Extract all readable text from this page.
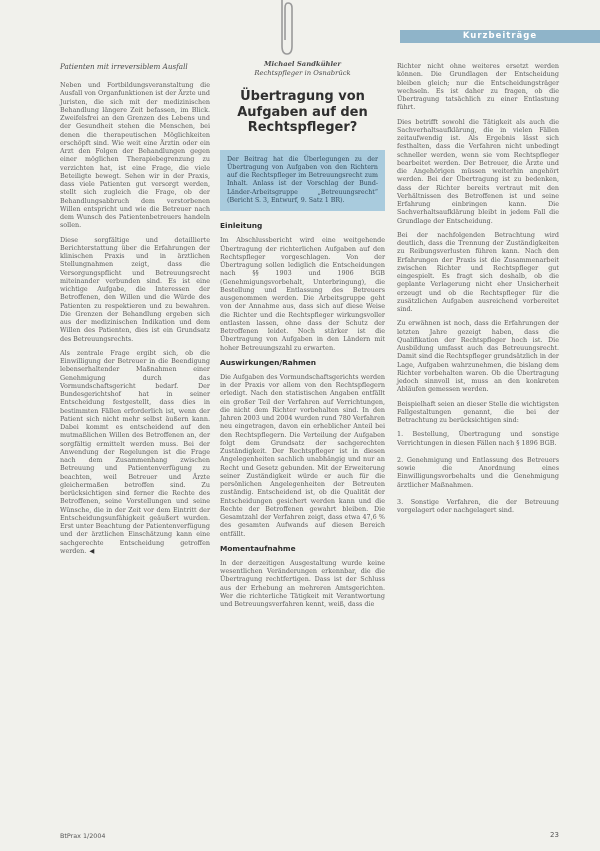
Kurzbeiträge
Patienten mit irreversiblem Ausfall

Neben und Fortbildungsveranstaltung die Ausfall von Organfunktionen ist der Ärzte und Juristen, die sich mit der medizinischen Behandlung längere Zeit befassen, im Blick. Zweifelsfrei an den Grenzen des Lebens und der Gesundheit stehen die Menschen, bei denen die therapeutischen Möglichkeiten erschöpft sind. Wie weit eine Ärztin oder ein Arzt den Folgen der Behandlungen gegen einer möglichen Therapiebegrenzung zu verzichten hat, ist eine Frage, die viele Beteiligte bewegt. Sehen wir in der Praxis, dass viele Patienten gut versorgt werden, stellt sich zugleich die Frage, ob der Behandlungsabbruch dem verstorbenen Willen entspricht und wie die Betreuer nach dem Wunsch des Patientenbetreuers handeln sollen.

Diese sorgfältige und detaillierte Berichterstattung über die Erfahrungen der klinischen Praxis und in ärztlichen Stellungnahmen zeigt, dass die Versorgungspflicht und Betreuungsrecht miteinander verbunden sind. Es ist eine wichtige Aufgabe, die Interessen der Betroffenen, den Willen und die Würde des Patienten zu respektieren und zu bewahren. Die Grenzen der Behandlung ergeben sich aus der medizinischen Indikation und dem Willen des Patienten, dies ist ein Grundsatz des Betreuungsrechts.

Als zentrale Frage ergibt sich, ob die Einwilligung der Betreuer in die Beendigung lebenserhaltender Maßnahmen einer Genehmigung durch das Vormundschaftsgericht bedarf. Der Bundesgerichtshof hat in seiner Entscheidung festgestellt, dass dies in bestimmten Fällen erforderlich ist, wenn der Patient sich nicht mehr selbst äußern kann. Dabei kommt es entscheidend auf den mutmaßlichen Willen des Betroffenen an, der sorgfältig ermittelt werden muss. Bei der Anwendung der Regelungen ist die Frage nach dem Zusammenhang zwischen Betreuung und Patientenverfügung zu beachten, weil Betreuer und Ärzte gleichermaßen betroffen sind. Zu berücksichtigen sind ferner die Rechte des Betroffenen, seine Vorstellungen und seine Wünsche, die in der Zeit vor dem Eintritt der Entscheidungsunfähigkeit geäußert wurden. Erst unter Beachtung der Patientenverfügung und der ärztlichen Einschätzung kann eine sachgerechte Entscheidung getroffen werden. ◀

Michael Sandkühler
Rechtspfleger in Osnabrück
Übertragung von Aufgaben auf den Rechtspfleger?
Der Beitrag hat die Überlegungen zu der Übertragung von Aufgaben von den Richtern auf die Rechtspfleger im Betreuungsrecht zum Inhalt. Anlass ist der Vorschlag der Bund-Länder-Arbeitsgruppe „Betreuungsrecht“ (Bericht S. 3, Entwurf, 9. Satz 1 BR).
Einleitung

Im Abschlussbericht wird eine weitgehende Übertragung der richterlichen Aufgaben auf den Rechtspfleger vorgeschlagen. Von der Übertragung sollen lediglich die Entscheidungen nach §§ 1903 und 1906 BGB (Genehmigungsvorbehalt, Unterbringung), die Bestellung und Entlassung des Betreuers ausgenommen werden. Die Arbeitsgruppe geht von der Annahme aus, dass sich auf diese Weise die Richter und die Rechtspfleger wirkungsvoller entlasten lassen, ohne dass der Schutz der Betroffenen leidet. Noch stärker ist die Übertragung von Aufgaben in den Ländern mit hoher Betreuungszahl zu erwarten.

Auswirkungen/Rahmen

Die Aufgaben des Vormundschaftsgerichts werden in der Praxis vor allem von den Rechtspflegern erledigt. Nach den statistischen Angaben entfällt ein großer Teil der Verfahren auf Verrichtungen, die nicht dem Richter vorbehalten sind. In den Jahren 2003 und 2004 wurden rund 780 Verfahren neu eingetragen, davon ein erheblicher Anteil bei den Rechtspflegern. Die Verteilung der Aufgaben folgt dem Grundsatz der sachgerechten Zuständigkeit. Der Rechtspfleger ist in diesen Angelegenheiten sachlich unabhängig und nur an Recht und Gesetz gebunden. Mit der Erweiterung seiner Zuständigkeit würde er auch für die persönlichen Angelegenheiten der Betreuten zuständig. Entscheidend ist, ob die Qualität der Entscheidungen gesichert werden kann und die Rechte der Betroffenen gewahrt bleiben. Die Gesamtzahl der Verfahren zeigt, dass etwa 47,6 % des gesamten Aufwands auf diesen Bereich entfällt.

Momentaufnahme

In der derzeitigen Ausgestaltung wurde keine wesentlichen Veränderungen erkennbar, die die Übertragung rechtfertigen. Dass ist der Schluss aus der Erhebung an mehreren Amtsgerichten. Wer die richterliche Tätigkeit mit Verantwortung und Betreuungsverfahren kennt, weiß, dass die

Richter nicht ohne weiteres ersetzt werden können. Die Grundlagen der Entscheidung bleiben gleich; nur die Entscheidungsträger wechseln. Es ist daher zu fragen, ob die Übertragung tatsächlich zu einer Entlastung führt.

Dies betrifft sowohl die Tätigkeit als auch die Sachverhaltsaufklärung, die in vielen Fällen zeitaufwendig ist. Als Ergebnis lässt sich festhalten, dass die Verfahren nicht unbedingt schneller werden, wenn sie vom Rechtspfleger bearbeitet werden. Der Betreuer, die Ärzte und die Angehörigen müssen weiterhin angehört werden. Bei der Übertragung ist zu bedenken, dass der Richter bereits vertraut mit den Verhältnissen des Betroffenen ist und seine Erfahrung einbringen kann. Die Sachverhaltsaufklärung bleibt in jedem Fall die Grundlage der Entscheidung.

Bei der nachfolgenden Betrachtung wird deutlich, dass die Trennung der Zuständigkeiten zu Reibungsverlusten führen kann. Nach den Erfahrungen der Praxis ist die Zusammenarbeit zwischen Richter und Rechtspfleger gut eingespielt. Es fragt sich deshalb, ob die geplante Verlagerung nicht eher Unsicherheit erzeugt und ob die Rechtspfleger für die zusätzlichen Aufgaben ausreichend vorbereitet sind.

Zu erwähnen ist noch, dass die Erfahrungen der letzten Jahre gezeigt haben, dass die Qualifikation der Rechtspfleger hoch ist. Die Ausbildung umfasst auch das Betreuungsrecht. Damit sind die Rechtspfleger grundsätzlich in der Lage, Aufgaben wahrzunehmen, die bislang dem Richter vorbehalten waren. Ob die Übertragung jedoch sinnvoll ist, muss an den konkreten Abläufen gemessen werden.

Beispielhaft seien an dieser Stelle die wichtigsten Fallgestaltungen genannt, die bei der Betrachtung zu berücksichtigen sind:

1. Bestellung, Übertragung und sonstige Verrichtungen in diesen Fällen nach § 1896 BGB.

2. Genehmigung und Entlassung des Betreuers sowie die Anordnung eines Einwilligungsvorbehalts und die Genehmigung ärztlicher Maßnahmen.

3. Sonstige Verfahren, die der Betreuung vorgelagert oder nachgelagert sind.

BtPrax 1/2004	23
